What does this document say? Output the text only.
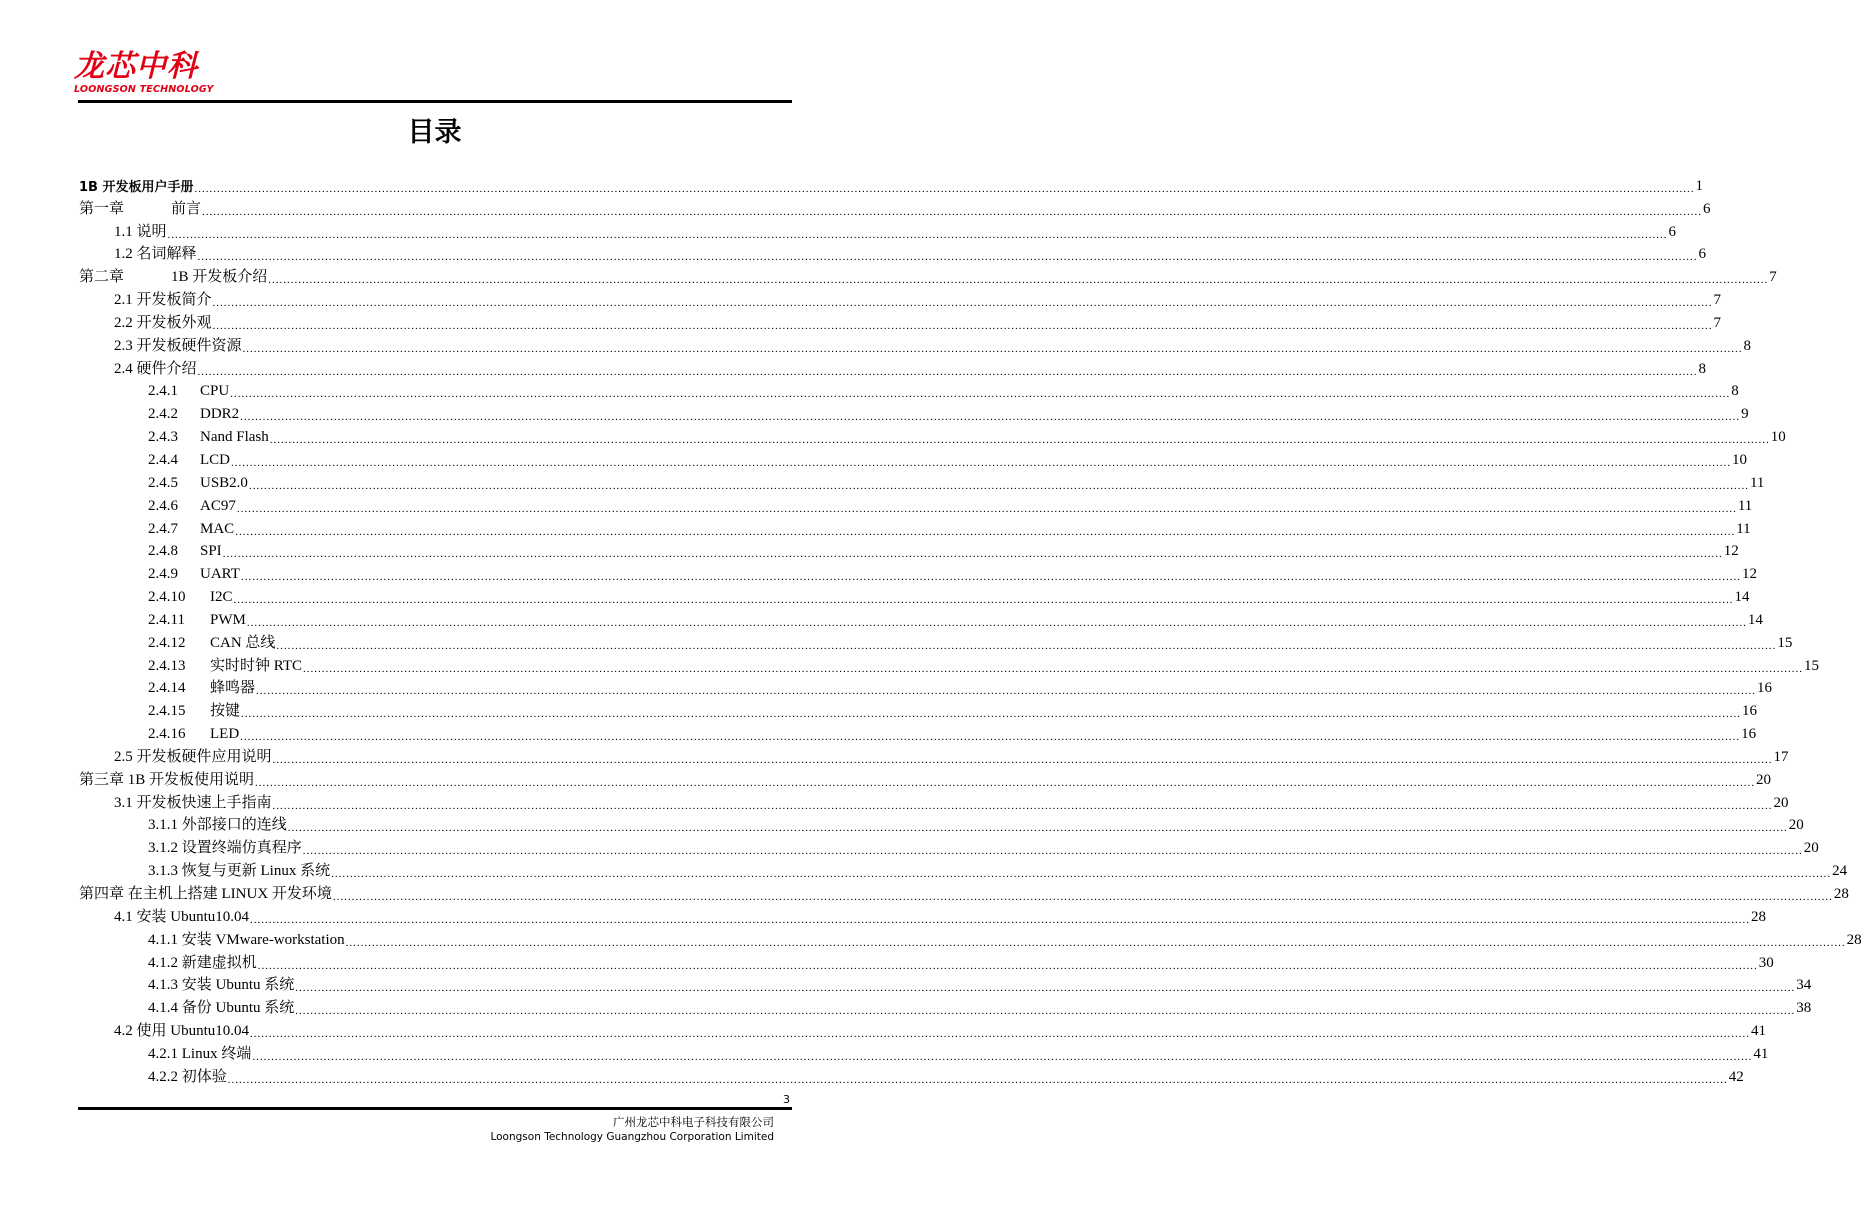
龙芯中科
LOONGSON TECHNOLOGY
目录
1B 开发板用户手册 ................................................................................................................................................................................................................................................................................................................................................................................................................ 1
第一章	前言 ................................................................................................................................................................................................................................................................................................................................................................................................................ 6
1.1 说明 ................................................................................................................................................................................................................................................................................................................................................................................................................ 6
1.2 名词解释 ................................................................................................................................................................................................................................................................................................................................................................................................................ 6
第二章	1B 开发板介绍 ................................................................................................................................................................................................................................................................................................................................................................................................................ 7
2.1 开发板简介 ................................................................................................................................................................................................................................................................................................................................................................................................................ 7
2.2 开发板外观 ................................................................................................................................................................................................................................................................................................................................................................................................................ 7
2.3 开发板硬件资源 ................................................................................................................................................................................................................................................................................................................................................................................................................ 8
2.4 硬件介绍 ................................................................................................................................................................................................................................................................................................................................................................................................................ 8
2.4.1 CPU ................................................................................................................................................................................................................................................................................................................................................................................................................ 8
2.4.2 DDR2 ................................................................................................................................................................................................................................................................................................................................................................................................................ 9
2.4.3 Nand Flash ................................................................................................................................................................................................................................................................................................................................................................................................................ 10
2.4.4 LCD ................................................................................................................................................................................................................................................................................................................................................................................................................ 10
2.4.5 USB2.0 ................................................................................................................................................................................................................................................................................................................................................................................................................ 11
2.4.6 AC97 ................................................................................................................................................................................................................................................................................................................................................................................................................ 11
2.4.7 MAC ................................................................................................................................................................................................................................................................................................................................................................................................................ 11
2.4.8 SPI ................................................................................................................................................................................................................................................................................................................................................................................................................ 12
2.4.9 UART ................................................................................................................................................................................................................................................................................................................................................................................................................ 12
2.4.10 I2C ................................................................................................................................................................................................................................................................................................................................................................................................................ 14
2.4.11 PWM ................................................................................................................................................................................................................................................................................................................................................................................................................ 14
2.4.12 CAN 总线 ................................................................................................................................................................................................................................................................................................................................................................................................................ 15
2.4.13 实时时钟 RTC ................................................................................................................................................................................................................................................................................................................................................................................................................ 15
2.4.14 蜂鸣器 ................................................................................................................................................................................................................................................................................................................................................................................................................ 16
2.4.15 按键 ................................................................................................................................................................................................................................................................................................................................................................................................................ 16
2.4.16 LED ................................................................................................................................................................................................................................................................................................................................................................................................................ 16
2.5 开发板硬件应用说明 ................................................................................................................................................................................................................................................................................................................................................................................................................ 17
第三章 1B 开发板使用说明 ................................................................................................................................................................................................................................................................................................................................................................................................................ 20
3.1 开发板快速上手指南 ................................................................................................................................................................................................................................................................................................................................................................................................................ 20
3.1.1 外部接口的连线 ................................................................................................................................................................................................................................................................................................................................................................................................................ 20
3.1.2 设置终端仿真程序 ................................................................................................................................................................................................................................................................................................................................................................................................................ 20
3.1.3 恢复与更新 Linux 系统 ................................................................................................................................................................................................................................................................................................................................................................................................................ 24
第四章 在主机上搭建 LINUX 开发环境 ................................................................................................................................................................................................................................................................................................................................................................................................................ 28
4.1 安装 Ubuntu10.04 ................................................................................................................................................................................................................................................................................................................................................................................................................ 28
4.1.1 安装 VMware-workstation ................................................................................................................................................................................................................................................................................................................................................................................................................ 28
4.1.2 新建虚拟机 ................................................................................................................................................................................................................................................................................................................................................................................................................ 30
4.1.3 安装 Ubuntu 系统 ................................................................................................................................................................................................................................................................................................................................................................................................................ 34
4.1.4 备份 Ubuntu 系统 ................................................................................................................................................................................................................................................................................................................................................................................................................ 38
4.2 使用 Ubuntu10.04 ................................................................................................................................................................................................................................................................................................................................................................................................................ 41
4.2.1 Linux 终端 ................................................................................................................................................................................................................................................................................................................................................................................................................ 41
4.2.2 初体验 ................................................................................................................................................................................................................................................................................................................................................................................................................ 42
3
广州龙芯中科电子科技有限公司
Loongson Technology Guangzhou Corporation Limited
